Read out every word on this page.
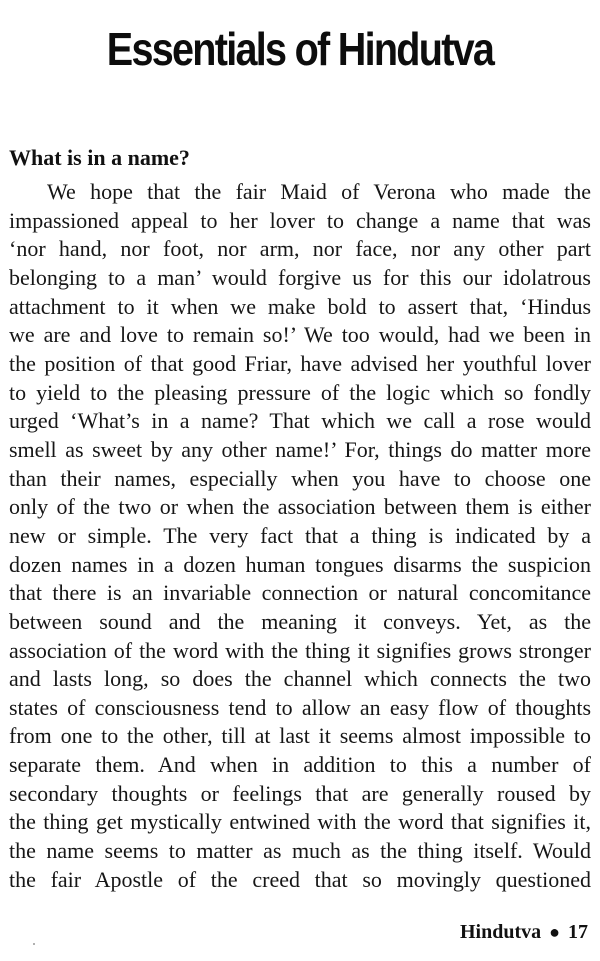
Essentials of Hindutva
What is in a name?
We hope that the fair Maid of Verona who made the
impassioned appeal to her lover to change a name that was
‘nor hand, nor foot, nor arm, nor face, nor any other part
belonging to a man’ would forgive us for this our idolatrous
attachment to it when we make bold to assert that, ‘Hindus
we are and love to remain so!’ We too would, had we been in
the position of that good Friar, have advised her youthful lover
to yield to the pleasing pressure of the logic which so fondly
urged ‘What’s in a name? That which we call a rose would
smell as sweet by any other name!’ For, things do matter more
than their names, especially when you have to choose one
only of the two or when the association between them is either
new or simple. The very fact that a thing is indicated by a
dozen names in a dozen human tongues disarms the suspicion
that there is an invariable connection or natural concomitance
between sound and the meaning it conveys. Yet, as the
association of the word with the thing it signifies grows stronger
and lasts long, so does the channel which connects the two
states of consciousness tend to allow an easy flow of thoughts
from one to the other, till at last it seems almost impossible to
separate them. And when in addition to this a number of
secondary thoughts or feelings that are generally roused by
the thing get mystically entwined with the word that signifies it,
the name seems to matter as much as the thing itself. Would
the fair Apostle of the creed that so movingly questioned
Hindutva ● 17
